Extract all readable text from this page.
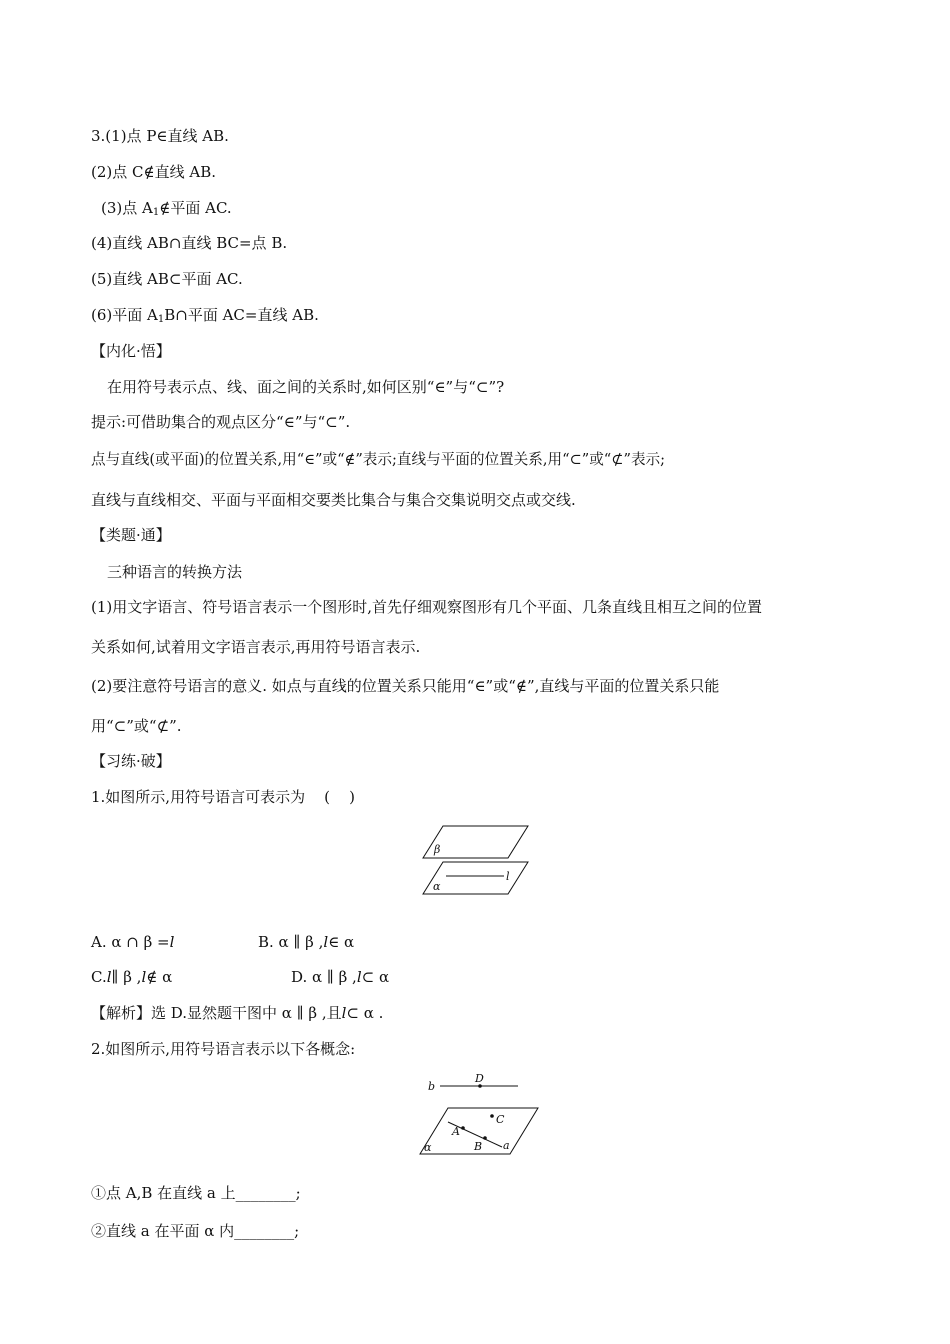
3.(1)点 P∈直线 AB.
(2)点 C∉直线 AB.
(3)点 $A_1\notin$平面 AC.
(4)直线 AB∩直线 BC=点 B.
(5)直线 AB⊂平面 AC.
(6)平面 $A_1B\cap$平面 AC=直线 AB.
【内化·悟】
在用符号表示点、线、面之间的关系时,如何区别“∈”与“⊂”?
提示:可借助集合的观点区分“∈”与“⊂”.
点与直线(或平面)的位置关系,用“∈”或“∉”表示;直线与平面的位置关系,用“⊂”或“⊄”表示;
直线与直线相交、平面与平面相交要类比集合与集合交集说明交点或交线.
【类题·通】
三种语言的转换方法
(1)用文字语言、符号语言表示一个图形时,首先仔细观察图形有几个平面、几条直线且相互之间的位置
关系如何,试着用文字语言表示,再用符号语言表示.
(2)要注意符号语言的意义. 如点与直线的位置关系只能用“∈”或“∉”,直线与平面的位置关系只能
用“⊂”或“⊄”.
【习练·破】
1.如图所示,用符号语言可表示为    (    )
β
l
α
A. α ∩ β =l	B. α ∥ β ,l∈ α
C.l∥ β ,l∉ α	D. α ∥ β ,l⊂ α
【解析】选 D.显然题干图中 α ∥ β ,且l⊂ α .
2.如图所示,用符号语言表示以下各概念:
b
D
A
B
C
a
α
①点 A,B 在直线 a 上________;
②直线 a 在平面 α 内________;
